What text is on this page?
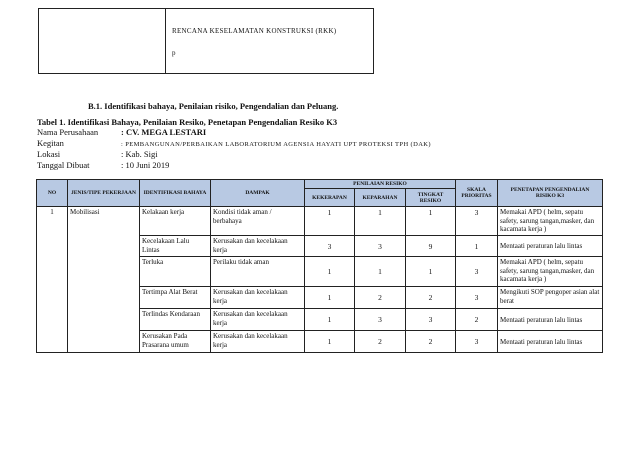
RENCANA KESELAMATAN KONSTRUKSI (RKK)
p
B.1. Identifikasi bahaya, Penilaian risiko, Pengendalian dan Peluang.
Tabel 1. Identifikasi Bahaya, Penilaian Resiko, Penetapan Pengendalian Resiko K3
Nama Perusahaan	: CV. MEGA LESTARI
Kegitan	: PEMBANGUNAN/PERBAIKAN LABORATORIUM AGENSIA HAYATI UPT PROTEKSI TPH (DAK)
Lokasi	: Kab. Sigi
Tanggal Dibuat	: 10 Juni 2019
NO	JENIS/TIPE PEKERJAAN	IDENTIFIKASI BAHAYA	DAMPAK	PENILAIAN RESIKO			SKALA PRIORITAS	PENETAPAN PENGENDALIAN RISIKO K3
				KEKERAPAN	KEPARAHAN	TINGKAT RESIKO		
1	Mobilisasi	Kelakaan kerja	Kondisi tidak aman / berbahaya	1	1	1	3	Memakai APD ( helm, sepatu safety, sarung tangan,masker, dan kacamata kerja )
		Kecelakaan Lalu Lintas	Kerusakan dan kecelakaan kerja	3	3	9	1	Mentaati peraturan lalu lintas
		Terluka	Perilaku tidak aman	1	1	1	3	Memakai APD ( helm, sepatu safety, sarung tangan,masker, dan kacamata kerja )
		Tertimpa Alat Berat	Kerusakan dan kecelakaan kerja	1	2	2	3	Mengikuti SOP pengoper asian alat berat
		Terlindas Kendaraan	Kerusakan dan kecelakaan kerja	1	3	3	2	Mentaati peraturan lalu lintas
		Kerusakan Pada Prasarana umum	Kerusakan dan kecelakaan kerja	1	2	2	3	Mentaati peraturan lalu lintas
